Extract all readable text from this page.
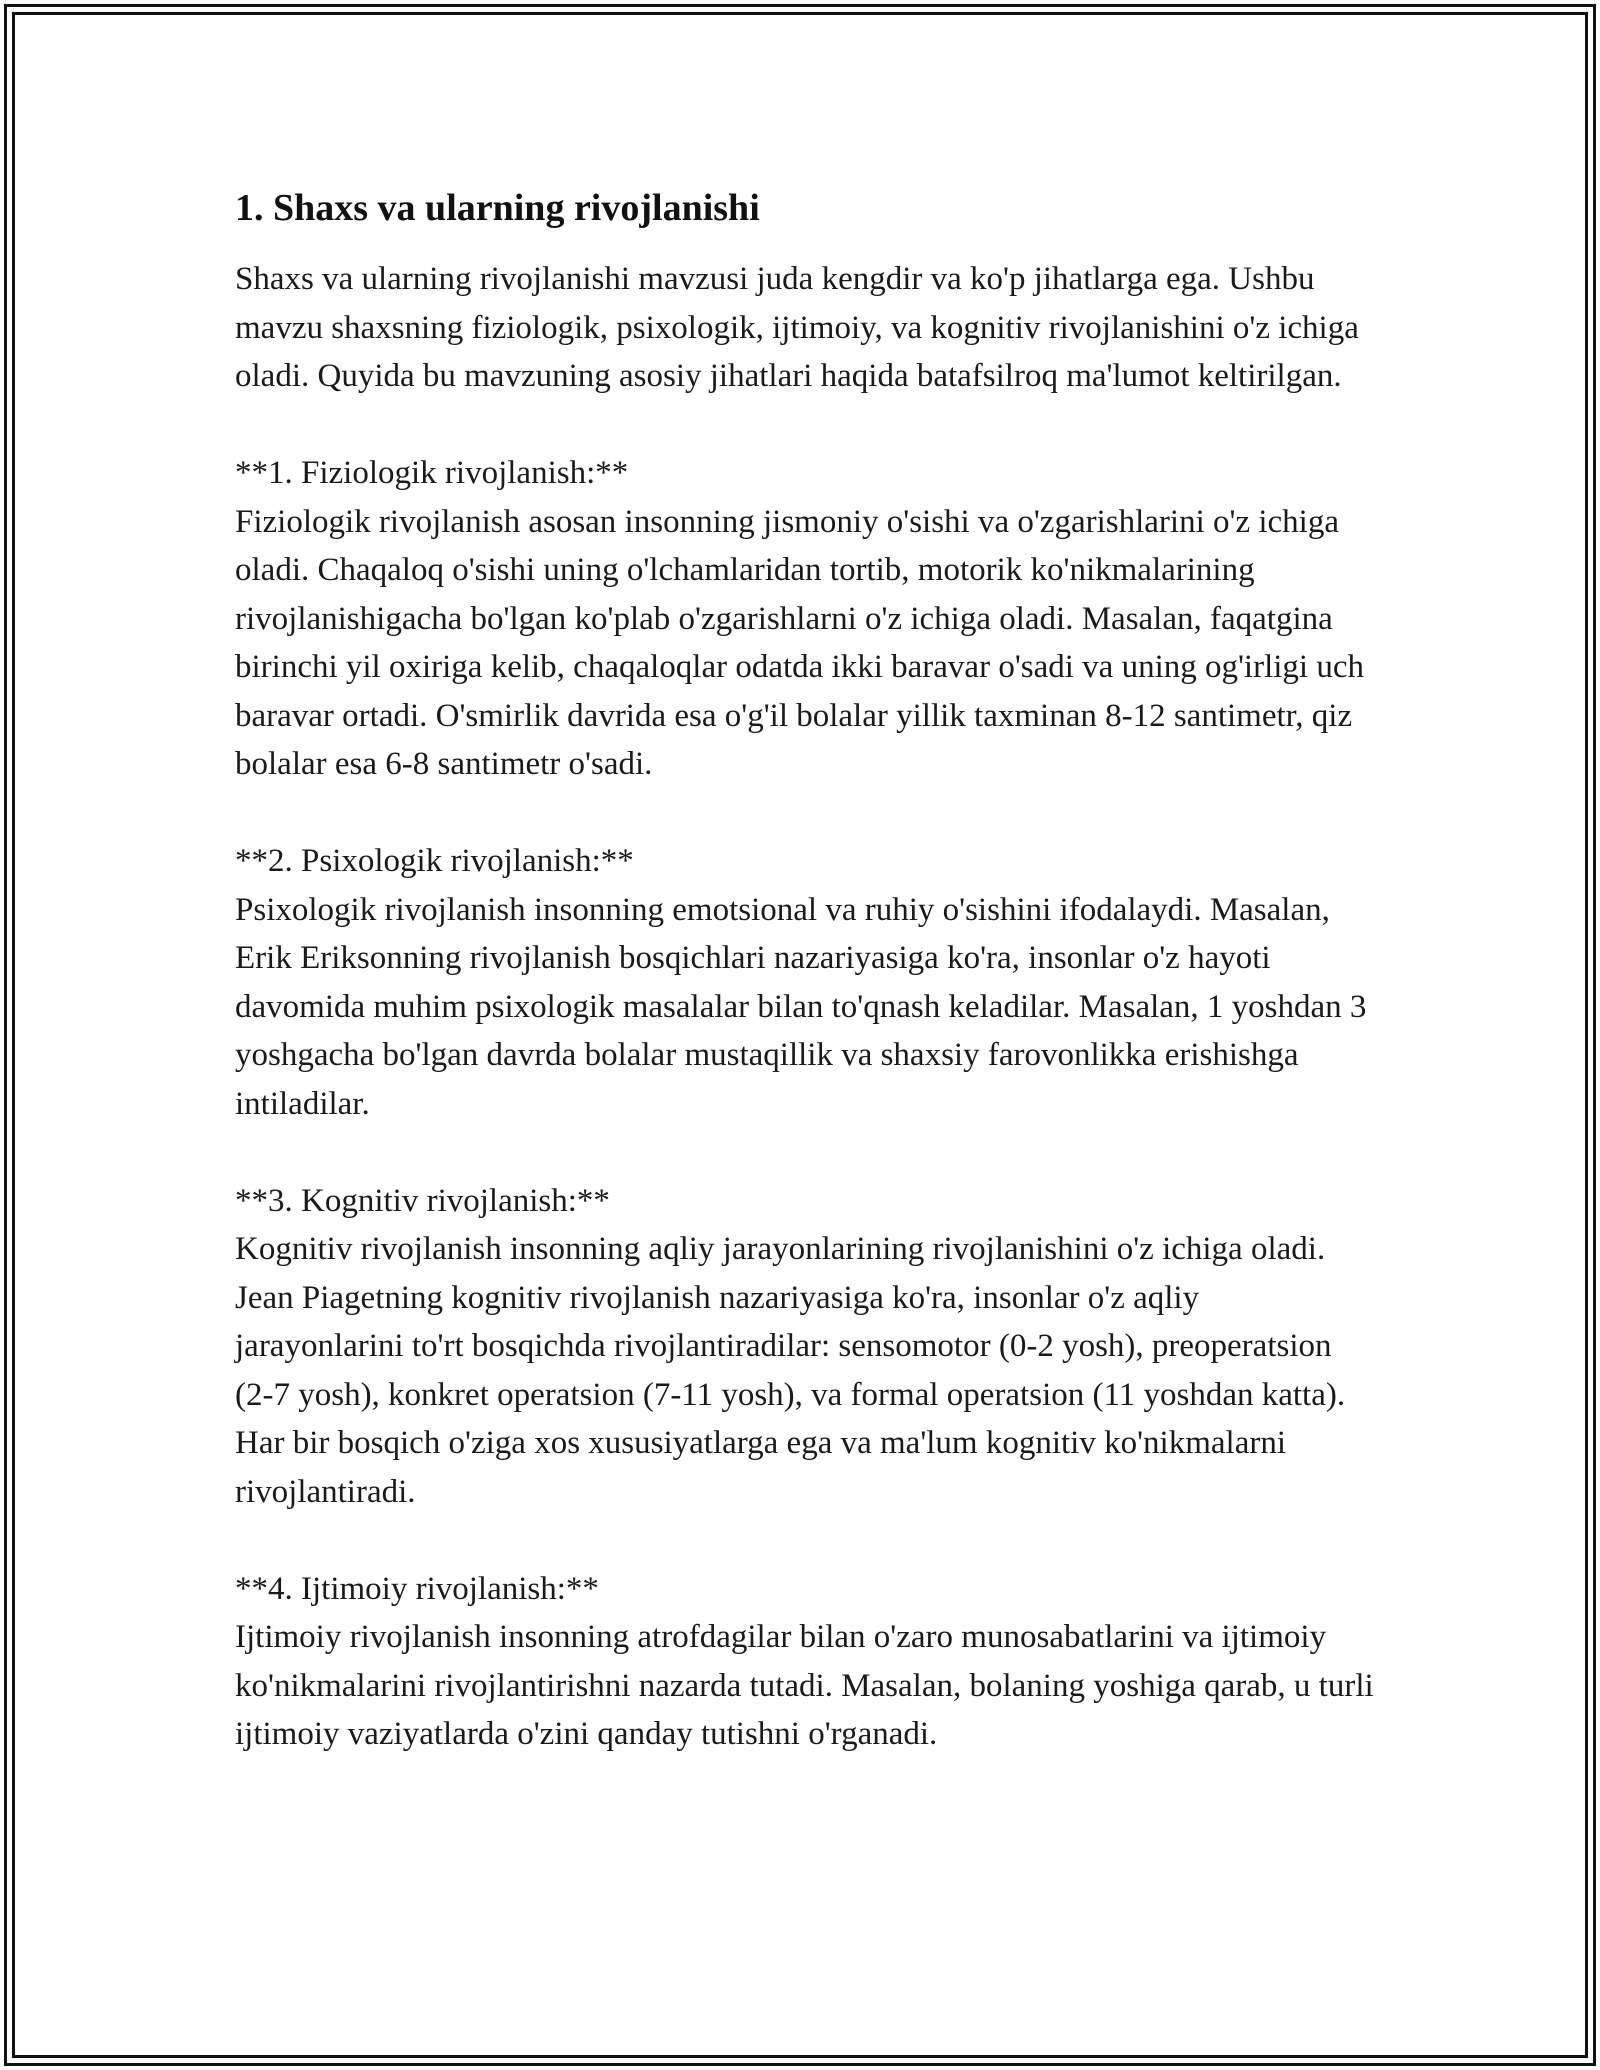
1. Shaxs va ularning rivojlanishi

Shaxs va ularning rivojlanishi mavzusi juda kengdir va ko'p jihatlarga ega. Ushbu mavzu shaxsning fiziologik, psixologik, ijtimoiy, va kognitiv rivojlanishini o'z ichiga oladi. Quyida bu mavzuning asosiy jihatlari haqida batafsilroq ma'lumot keltirilgan.

**1. Fiziologik rivojlanish:**
Fiziologik rivojlanish asosan insonning jismoniy o'sishi va o'zgarishlarini o'z ichiga oladi. Chaqaloq o'sishi uning o'lchamlaridan tortib, motorik ko'nikmalarining rivojlanishigacha bo'lgan ko'plab o'zgarishlarni o'z ichiga oladi. Masalan, faqatgina birinchi yil oxiriga kelib, chaqaloqlar odatda ikki baravar o'sadi va uning og'irligi uch baravar ortadi. O'smirlik davrida esa o'g'il bolalar yillik taxminan 8-12 santimetr, qiz bolalar esa 6-8 santimetr o'sadi.
**2. Psixologik rivojlanish:**
Psixologik rivojlanish insonning emotsional va ruhiy o'sishini ifodalaydi. Masalan, Erik Eriksonning rivojlanish bosqichlari nazariyasiga ko'ra, insonlar o'z hayoti davomida muhim psixologik masalalar bilan to'qnash keladilar. Masalan, 1 yoshdan 3 yoshgacha bo'lgan davrda bolalar mustaqillik va shaxsiy farovonlikka erishishga intiladilar.
**3. Kognitiv rivojlanish:**
Kognitiv rivojlanish insonning aqliy jarayonlarining rivojlanishini o'z ichiga oladi. Jean Piagetning kognitiv rivojlanish nazariyasiga ko'ra, insonlar o'z aqliy jarayonlarini to'rt bosqichda rivojlantiradilar: sensomotor (0-2 yosh), preoperatsion (2-7 yosh), konkret operatsion (7-11 yosh), va formal operatsion (11 yoshdan katta). Har bir bosqich o'ziga xos xususiyatlarga ega va ma'lum kognitiv ko'nikmalarni rivojlantiradi.
**4. Ijtimoiy rivojlanish:**
Ijtimoiy rivojlanish insonning atrofdagilar bilan o'zaro munosabatlarini va ijtimoiy ko'nikmalarini rivojlantirishni nazarda tutadi. Masalan, bolaning yoshiga qarab, u turli ijtimoiy vaziyatlarda o'zini qanday tutishni o'rganadi.
